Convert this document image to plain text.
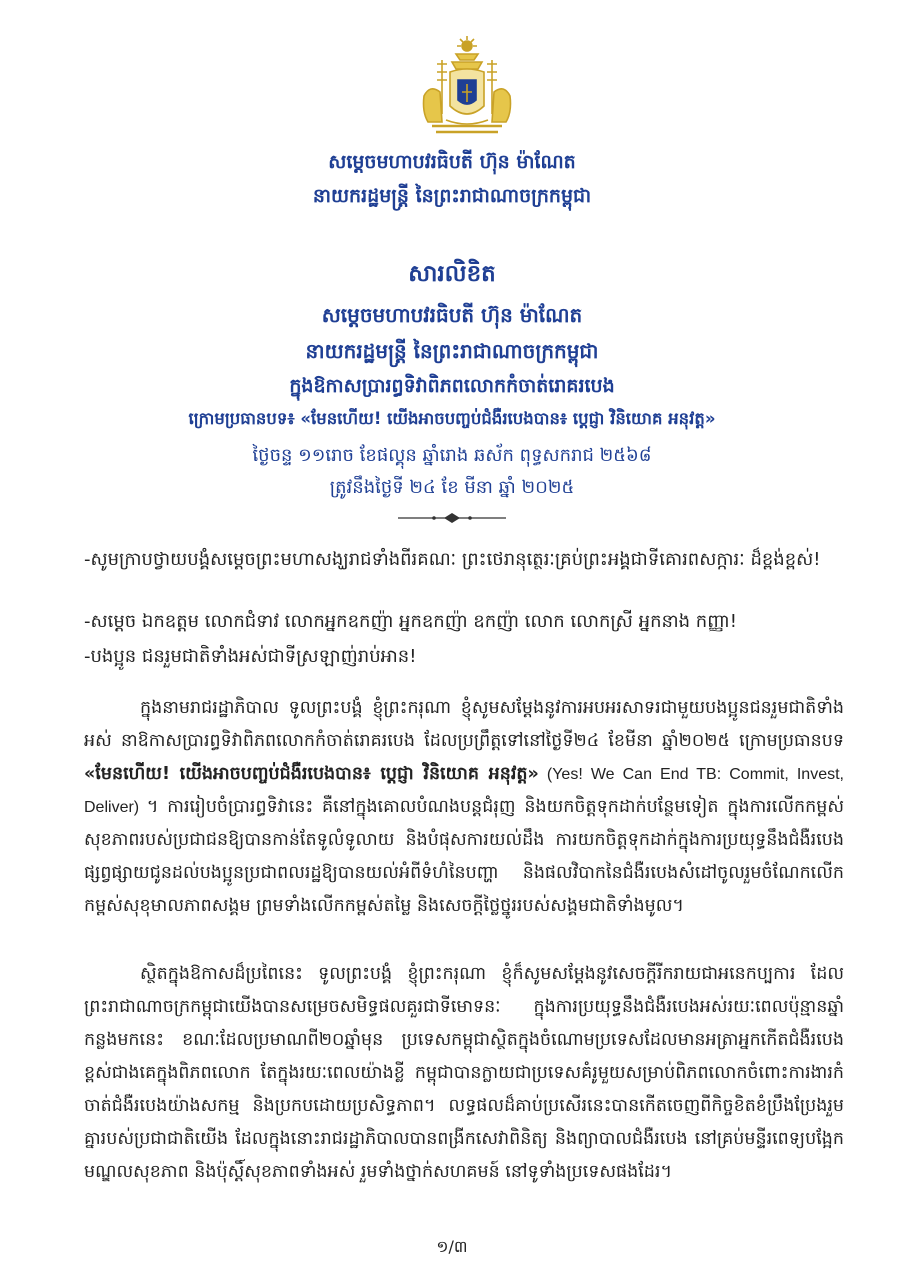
សម្តេចមហាបវរធិបតី ហ៊ុន ម៉ាណែត
នាយករដ្ឋមន្ត្រី នៃព្រះរាជាណាចក្រកម្ពុជា
សារលិខិត
សម្តេចមហាបវរធិបតី ហ៊ុន ម៉ាណែត
នាយករដ្ឋមន្ត្រី នៃព្រះរាជាណាចក្រកម្ពុជា
ក្នុងឱកាសប្រារព្ធទិវាពិភពលោកកំចាត់រោគរបេង
ក្រោមប្រធានបទ៖ «មែនហើយ! យើងអាចបញ្ចប់ជំងឺរបេងបាន៖ ប្តេជ្ញា វិនិយោគ អនុវត្ត»
ថ្ងៃចន្ទ ១១រោច ខែផល្គុន ឆ្នាំរោង ឆស័ក ពុទ្ធសករាជ ២៥៦៨
ត្រូវនឹងថ្ងៃទី ២៤ ខែ មីនា ឆ្នាំ ២០២៥
-សូមក្រាបថ្វាយបង្គំសម្តេចព្រះមហាសង្ឃរាជទាំងពីរគណៈ ព្រះថេរានុត្ថេរៈគ្រប់ព្រះអង្គជាទីគោរពសក្ការៈ ដ៏ខ្ពង់ខ្ពស់!
-សម្តេច ឯកឧត្តម លោកជំទាវ លោកអ្នកឧកញ៉ា អ្នកឧកញ៉ា ឧកញ៉ា លោក លោកស្រី អ្នកនាង កញ្ញា!
-បងប្អូន ជនរួមជាតិទាំងអស់ជាទីស្រឡាញ់រាប់អាន!
ក្នុងនាមរាជរដ្ឋាភិបាល ទូលព្រះបង្គំ ខ្ញុំព្រះករុណា ខ្ញុំសូមសម្តែងនូវការអបអរសាទរជាមួយបងប្អូនជនរួមជាតិទាំងអស់ នាឱកាសប្រារព្ធទិវាពិភពលោកកំចាត់រោគរបេង ដែលប្រព្រឹត្តទៅនៅថ្ងៃទី២៤ ខែមីនា ឆ្នាំ២០២៥ ក្រោមប្រធានបទ «មែនហើយ! យើងអាចបញ្ចប់ជំងឺរបេងបាន៖ ប្តេជ្ញា វិនិយោគ អនុវត្ត» (Yes! We Can End TB: Commit, Invest, Deliver) ។ ការរៀបចំប្រារព្ធទិវានេះ គឺនៅក្នុងគោលបំណងបន្តជំរុញ និងយកចិត្តទុកដាក់បន្ថែមទៀត ក្នុងការលើកកម្ពស់សុខភាពរបស់ប្រជាជនឱ្យបានកាន់តែទូលំទូលាយ និងបំផុសការយល់ដឹង ការយកចិត្តទុកដាក់ក្នុងការប្រយុទ្ធនឹងជំងឺរបេង ផ្សព្វផ្សាយជូនដល់បងប្អូនប្រជាពលរដ្ឋឱ្យបានយល់អំពីទំហំនៃបញ្ហា និងផលវិបាកនៃជំងឺរបេងសំដៅចូលរួមចំណែកលើកកម្ពស់សុខុមាលភាពសង្គម ព្រមទាំងលើកកម្ពស់តម្លៃ និងសេចក្តីថ្លៃថ្នូររបស់សង្គមជាតិទាំងមូល។
ស្ថិតក្នុងឱកាសដ៏ប្រពៃនេះ ទូលព្រះបង្គំ ខ្ញុំព្រះករុណា ខ្ញុំក៏សូមសម្តែងនូវសេចក្តីរីករាយជាអនេកប្បការ ដែលព្រះរាជាណាចក្រកម្ពុជាយើងបានសម្រេចសមិទ្ធផលគួរជាទីមោទនៈ ក្នុងការប្រយុទ្ធនឹងជំងឺរបេងអស់រយៈពេលប៉ុន្មានឆ្នាំកន្លងមកនេះ ខណៈដែលប្រមាណពី២០ឆ្នាំមុន ប្រទេសកម្ពុជាស្ថិតក្នុងចំណោមប្រទេសដែលមានអត្រាអ្នកកើតជំងឺរបេងខ្ពស់ជាងគេក្នុងពិភពលោក តែក្នុងរយៈពេលយ៉ាងខ្លី កម្ពុជាបានក្លាយជាប្រទេសគំរូមួយសម្រាប់ពិភពលោកចំពោះការងារកំចាត់ជំងឺរបេងយ៉ាងសកម្ម និងប្រកបដោយប្រសិទ្ធភាព។ លទ្ធផលដ៏គាប់ប្រសើរនេះបានកើតចេញពីកិច្ចខិតខំប្រឹងប្រែងរួមគ្នារបស់ប្រជាជាតិយើង ដែលក្នុងនោះរាជរដ្ឋាភិបាលបានពង្រីកសេវាពិនិត្យ និងព្យាបាលជំងឺរបេង នៅគ្រប់មន្ទីរពេទ្យបង្អែក មណ្ឌលសុខភាព និងប៉ុស្តិ៍សុខភាពទាំងអស់ រួមទាំងថ្នាក់សហគមន៍ នៅទូទាំងប្រទេសផងដែរ។
១/៣
